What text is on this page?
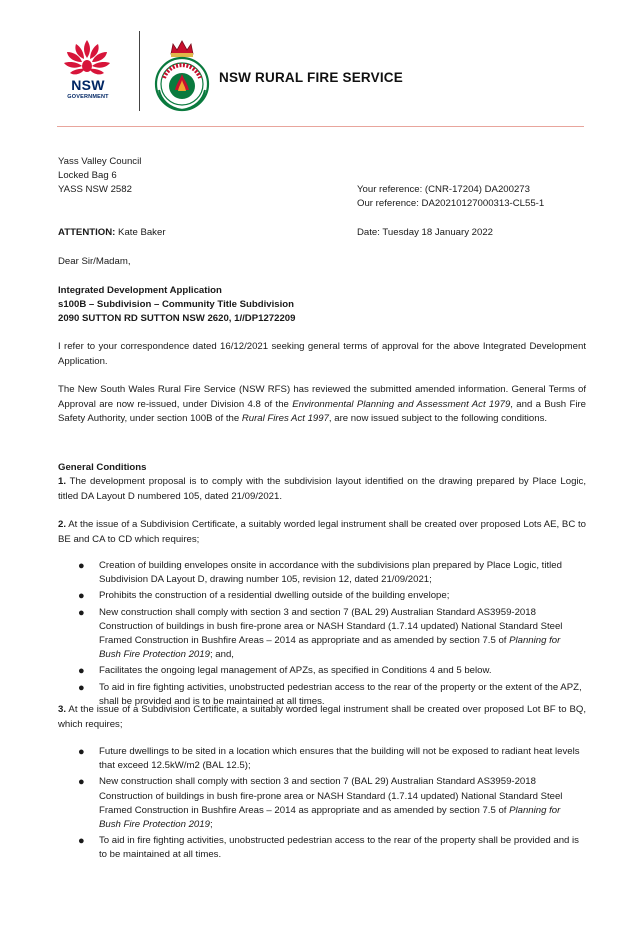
NSW
GOVERNMENT
NSW RURAL FIRE SERVICE
Yass Valley Council
Locked Bag 6
YASS NSW 2582	Your reference: (CNR-17204) DA200273
Our reference: DA20210127000313-CL55-1
ATTENTION: Kate Baker	Date: Tuesday 18 January 2022
Dear Sir/Madam,
Integrated Development Application
s100B – Subdivision – Community Title Subdivision
2090 SUTTON RD SUTTON NSW 2620, 1//DP1272209
I refer to your correspondence dated 16/12/2021 seeking general terms of approval for the above Integrated Development Application.
The New South Wales Rural Fire Service (NSW RFS) has reviewed the submitted amended information. General Terms of Approval are now re-issued, under Division 4.8 of the Environmental Planning and Assessment Act 1979, and a Bush Fire Safety Authority, under section 100B of the Rural Fires Act 1997, are now issued subject to the following conditions.
General Conditions
1. The development proposal is to comply with the subdivision layout identified on the drawing prepared by Place Logic, titled DA Layout D numbered 105, dated 21/09/2021.
2. At the issue of a Subdivision Certificate, a suitably worded legal instrument shall be created over proposed Lots AE, BC to BE and CA to CD which requires;
● Creation of building envelopes onsite in accordance with the subdivisions plan prepared by Place Logic, titled Subdivision DA Layout D, drawing number 105, revision 12, dated 21/09/2021;
● Prohibits the construction of a residential dwelling outside of the building envelope;
● New construction shall comply with section 3 and section 7 (BAL 29) Australian Standard AS3959-2018 Construction of buildings in bush fire-prone area or NASH Standard (1.7.14 updated) National Standard Steel Framed Construction in Bushfire Areas – 2014 as appropriate and as amended by section 7.5 of Planning for Bush Fire Protection 2019; and,
● Facilitates the ongoing legal management of APZs, as specified in Conditions 4 and 5 below.
● To aid in fire fighting activities, unobstructed pedestrian access to the rear of the property or the extent of the APZ, shall be provided and is to be maintained at all times.
3. At the issue of a Subdivision Certificate, a suitably worded legal instrument shall be created over proposed Lot BF to BQ, which requires;
● Future dwellings to be sited in a location which ensures that the building will not be exposed to radiant heat levels that exceed 12.5kW/m2 (BAL 12.5);
● New construction shall comply with section 3 and section 7 (BAL 29) Australian Standard AS3959-2018 Construction of buildings in bush fire-prone area or NASH Standard (1.7.14 updated) National Standard Steel Framed Construction in Bushfire Areas – 2014 as appropriate and as amended by section 7.5 of Planning for Bush Fire Protection 2019;
● To aid in fire fighting activities, unobstructed pedestrian access to the rear of the property shall be provided and is to be maintained at all times.
